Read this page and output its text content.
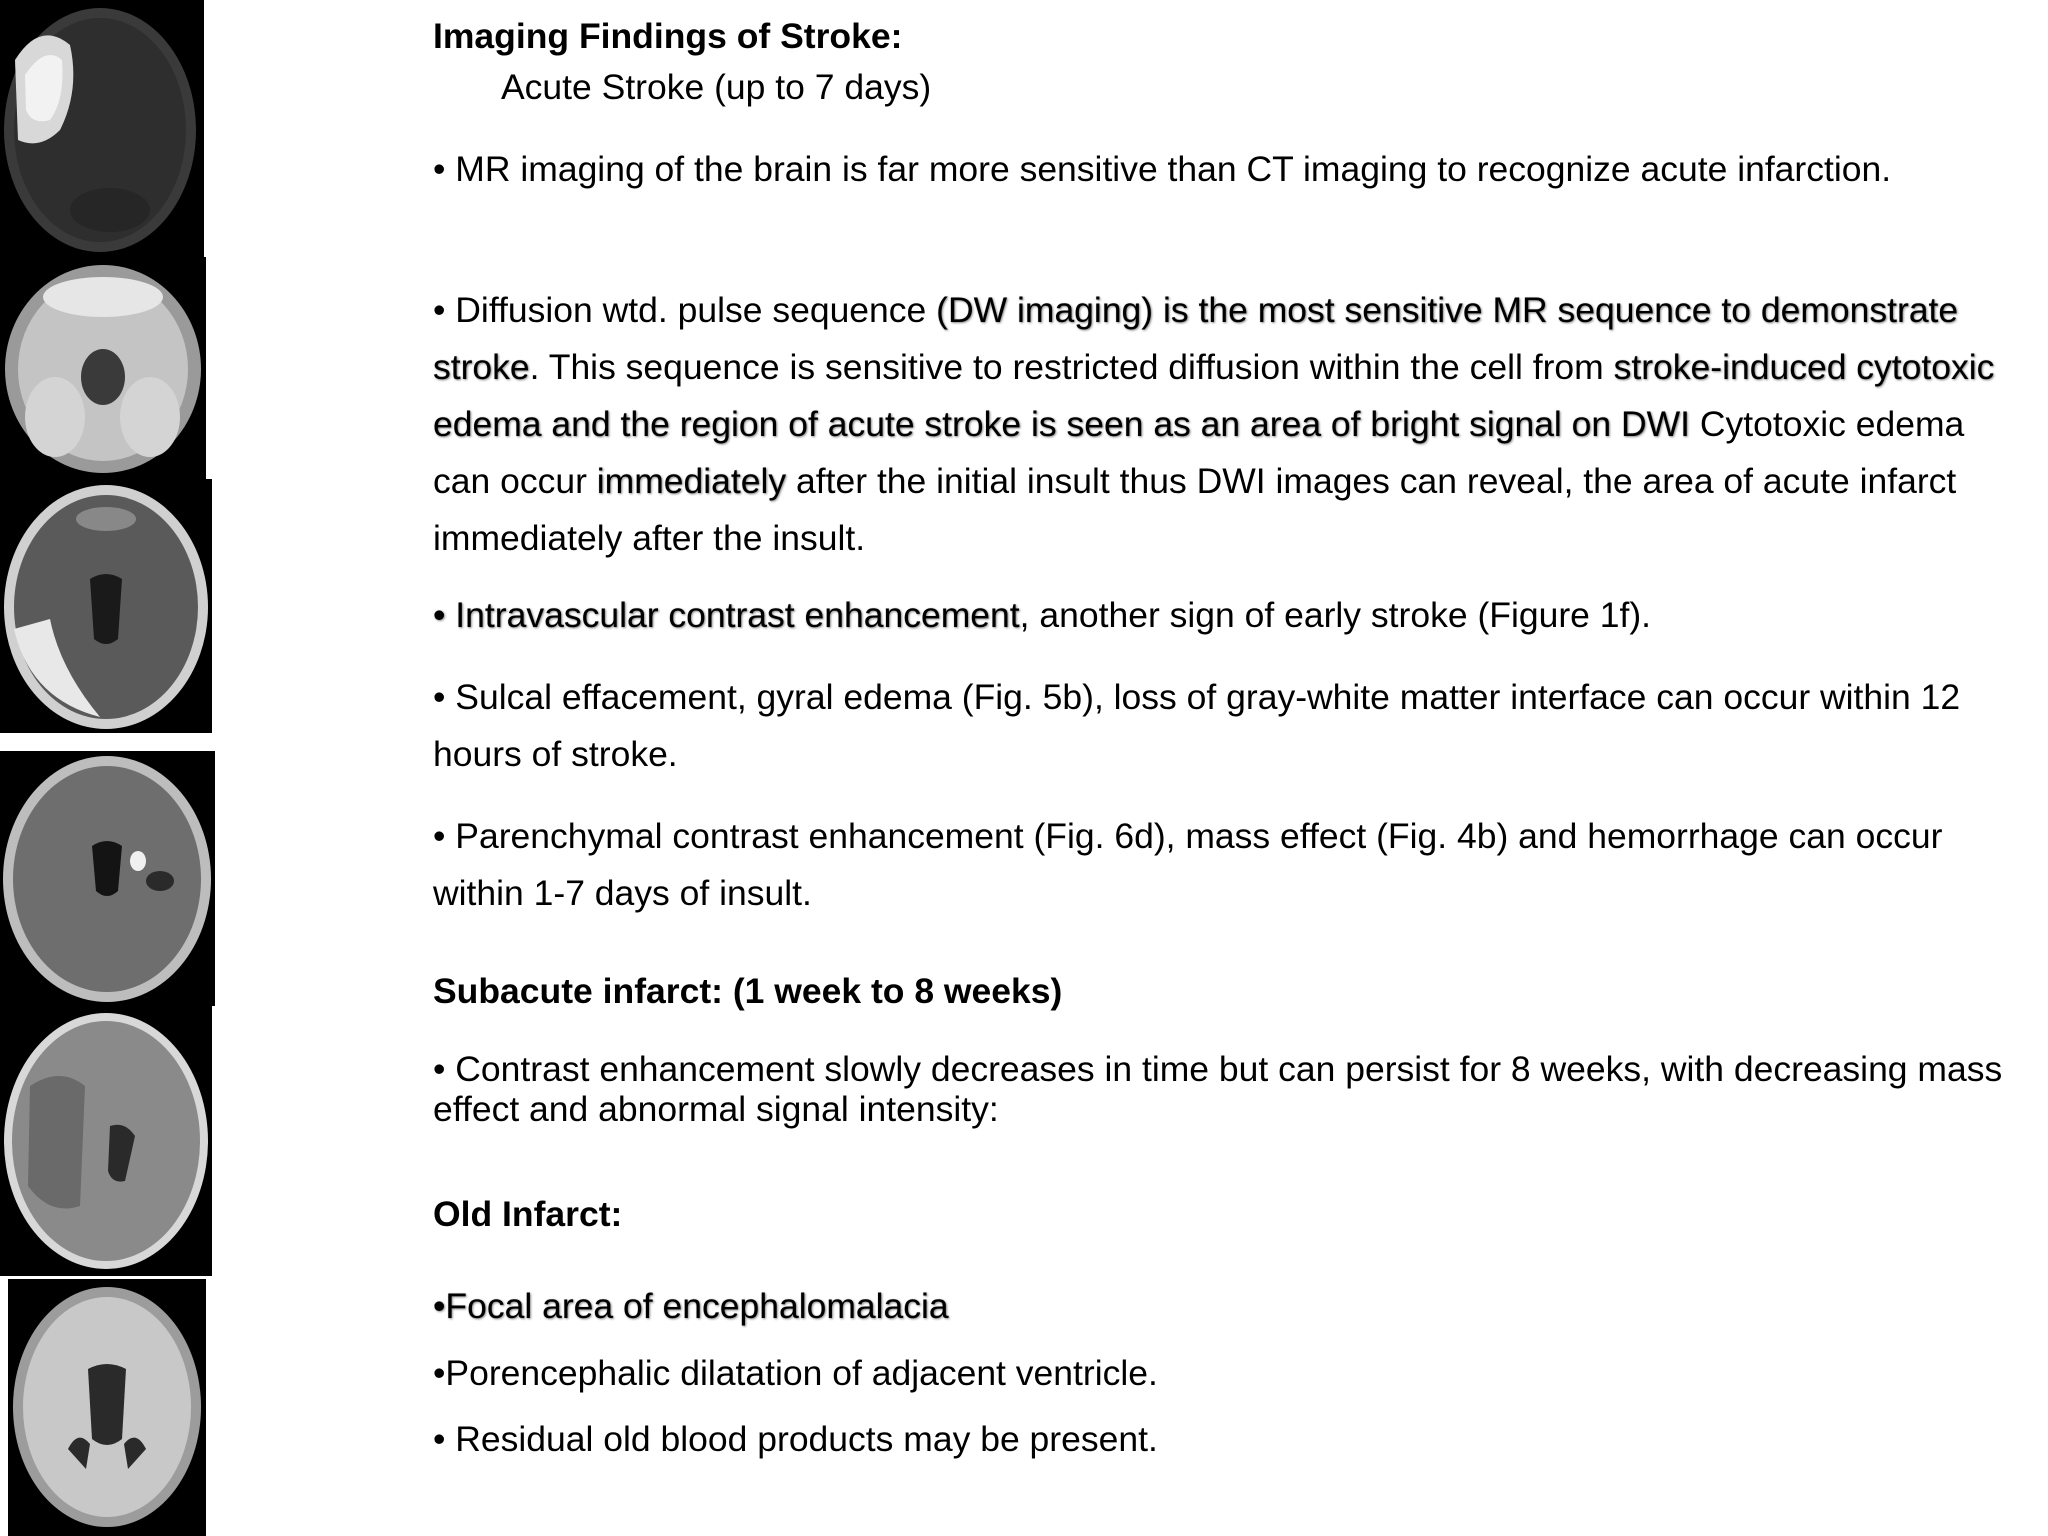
Imaging Findings of Stroke:
Acute Stroke (up to 7 days)

• MR imaging of the brain is far more sensitive than CT imaging to recognize acute infarction.

• Diffusion wtd. pulse sequence (DW imaging) is the most sensitive MR sequence to demonstrate stroke. This sequence is sensitive to restricted diffusion within the cell from stroke-induced cytotoxic edema and the region of acute stroke is seen as an area of bright signal on DWI Cytotoxic edema can occur immediately after the initial insult thus DWI images can reveal, the area of acute infarct immediately after the insult.

• Intravascular contrast enhancement, another sign of early stroke (Figure 1f).

• Sulcal effacement, gyral edema (Fig. 5b), loss of gray-white matter interface can occur within 12 hours of stroke.

• Parenchymal contrast enhancement (Fig. 6d), mass effect (Fig. 4b) and hemorrhage can occur within 1-7 days of insult.

Subacute infarct: (1 week to 8 weeks)

• Contrast enhancement slowly decreases in time but can persist for 8 weeks, with decreasing mass effect and abnormal signal intensity:

Old Infarct:
•Focal area of encephalomalacia
•Porencephalic dilatation of adjacent ventricle.
• Residual old blood products may be present.
